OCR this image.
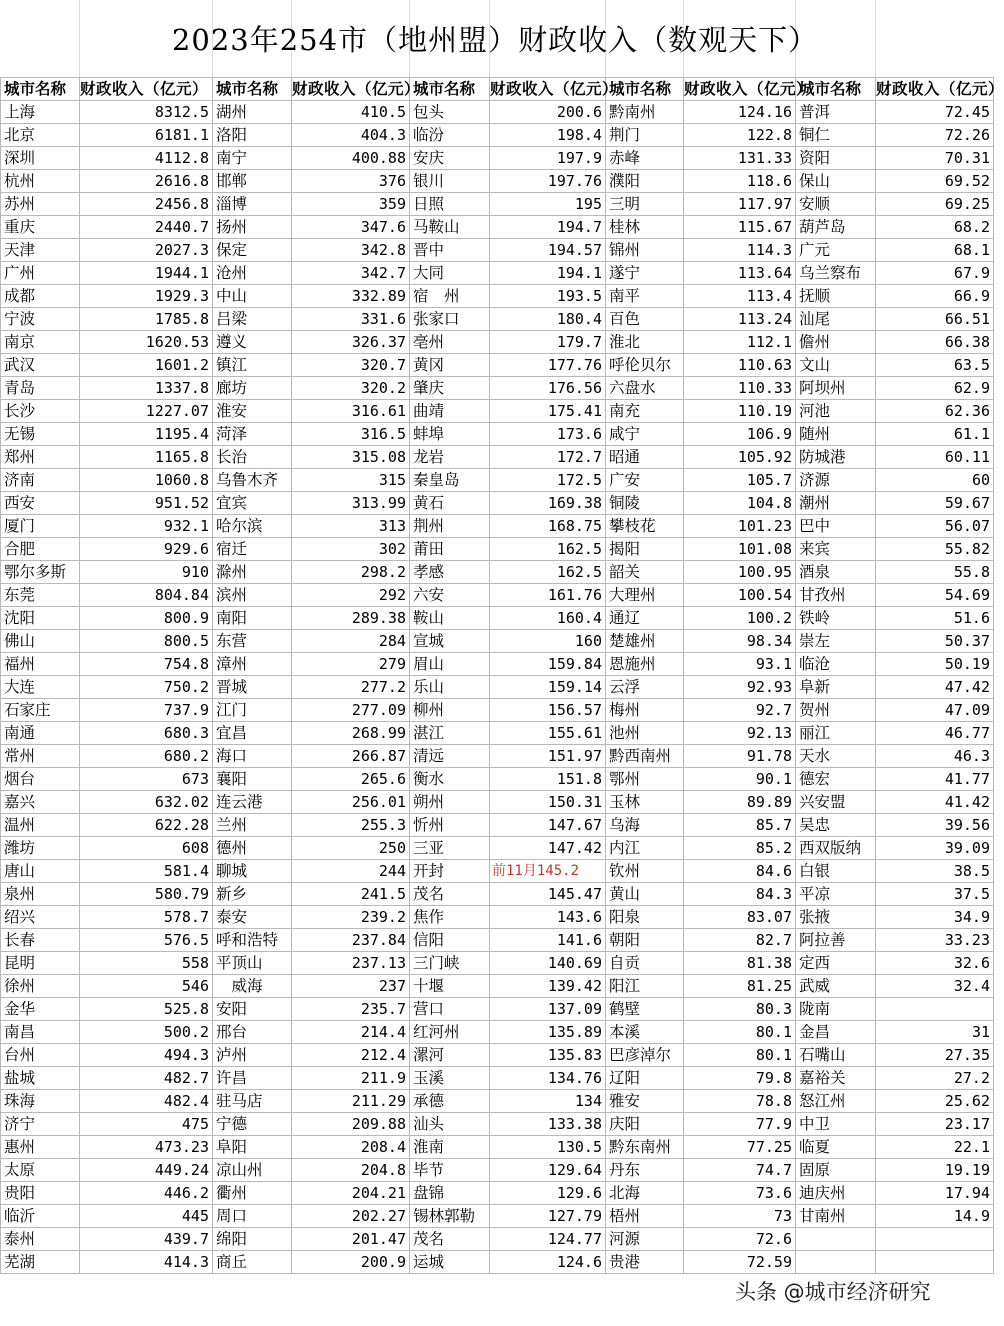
2023年254市（地州盟）财政收入（数观天下）
城市名称	财政收入（亿元）	城市名称	财政收入（亿元）	城市名称	财政收入（亿元）	城市名称	财政收入（亿元）	城市名称	财政收入（亿元）
上海	8312.5	湖州	410.5	包头	200.6	黔南州	124.16	普洱	72.45
北京	6181.1	洛阳	404.3	临汾	198.4	荆门	122.8	铜仁	72.26
深圳	4112.8	南宁	400.88	安庆	197.9	赤峰	131.33	资阳	70.31
杭州	2616.8	邯郸	376	银川	197.76	濮阳	118.6	保山	69.52
苏州	2456.8	淄博	359	日照	195	三明	117.97	安顺	69.25
重庆	2440.7	扬州	347.6	马鞍山	194.7	桂林	115.67	葫芦岛	68.2
天津	2027.3	保定	342.8	晋中	194.57	锦州	114.3	广元	68.1
广州	1944.1	沧州	342.7	大同	194.1	遂宁	113.64	乌兰察布	67.9
成都	1929.3	中山	332.89	宿　州	193.5	南平	113.4	抚顺	66.9
宁波	1785.8	吕梁	331.6	张家口	180.4	百色	113.24	汕尾	66.51
南京	1620.53	遵义	326.37	亳州	179.7	淮北	112.1	儋州	66.38
武汉	1601.2	镇江	320.7	黄冈	177.76	呼伦贝尔	110.63	文山	63.5
青岛	1337.8	廊坊	320.2	肇庆	176.56	六盘水	110.33	阿坝州	62.9
长沙	1227.07	淮安	316.61	曲靖	175.41	南充	110.19	河池	62.36
无锡	1195.4	菏泽	316.5	蚌埠	173.6	咸宁	106.9	随州	61.1
郑州	1165.8	长治	315.08	龙岩	172.7	昭通	105.92	防城港	60.11
济南	1060.8	乌鲁木齐	315	秦皇岛	172.5	广安	105.7	济源	60
西安	951.52	宜宾	313.99	黄石	169.38	铜陵	104.8	潮州	59.67
厦门	932.1	哈尔滨	313	荆州	168.75	攀枝花	101.23	巴中	56.07
合肥	929.6	宿迁	302	莆田	162.5	揭阳	101.08	来宾	55.82
鄂尔多斯	910	滁州	298.2	孝感	162.5	韶关	100.95	酒泉	55.8
东莞	804.84	滨州	292	六安	161.76	大理州	100.54	甘孜州	54.69
沈阳	800.9	南阳	289.38	鞍山	160.4	通辽	100.2	铁岭	51.6
佛山	800.5	东营	284	宣城	160	楚雄州	98.34	崇左	50.37
福州	754.8	漳州	279	眉山	159.84	恩施州	93.1	临沧	50.19
大连	750.2	晋城	277.2	乐山	159.14	云浮	92.93	阜新	47.42
石家庄	737.9	江门	277.09	柳州	156.57	梅州	92.7	贺州	47.09
南通	680.3	宜昌	268.99	湛江	155.61	池州	92.13	丽江	46.77
常州	680.2	海口	266.87	清远	151.97	黔西南州	91.78	天水	46.3
烟台	673	襄阳	265.6	衡水	151.8	鄂州	90.1	德宏	41.77
嘉兴	632.02	连云港	256.01	朔州	150.31	玉林	89.89	兴安盟	41.42
温州	622.28	兰州	255.3	忻州	147.67	乌海	85.7	吴忠	39.56
潍坊	608	德州	250	三亚	147.42	内江	85.2	西双版纳	39.09
唐山	581.4	聊城	244	开封	前11月145.2	钦州	84.6	白银	38.5
泉州	580.79	新乡	241.5	茂名	145.47	黄山	84.3	平凉	37.5
绍兴	578.7	泰安	239.2	焦作	143.6	阳泉	83.07	张掖	34.9
长春	576.5	呼和浩特	237.84	信阳	141.6	朝阳	82.7	阿拉善	33.23
昆明	558	平顶山	237.13	三门峡	140.69	自贡	81.38	定西	32.6
徐州	546	　威海	237	十堰	139.42	阳江	81.25	武威	32.4
金华	525.8	安阳	235.7	营口	137.09	鹤壁	80.3	陇南	
南昌	500.2	邢台	214.4	红河州	135.89	本溪	80.1	金昌	31
台州	494.3	泸州	212.4	漯河	135.83	巴彦淖尔	80.1	石嘴山	27.35
盐城	482.7	许昌	211.9	玉溪	134.76	辽阳	79.8	嘉裕关	27.2
珠海	482.4	驻马店	211.29	承德	134	雅安	78.8	怒江州	25.62
济宁	475	宁德	209.88	汕头	133.38	庆阳	77.9	中卫	23.17
惠州	473.23	阜阳	208.4	淮南	130.5	黔东南州	77.25	临夏	22.1
太原	449.24	凉山州	204.8	毕节	129.64	丹东	74.7	固原	19.19
贵阳	446.2	衢州	204.21	盘锦	129.6	北海	73.6	迪庆州	17.94
临沂	445	周口	202.27	锡林郭勒	127.79	梧州	73	甘南州	14.9
泰州	439.7	绵阳	201.47	茂名	124.77	河源	72.6		
芜湖	414.3	商丘	200.9	运城	124.6	贵港	72.59		
头条 @城市经济研究
